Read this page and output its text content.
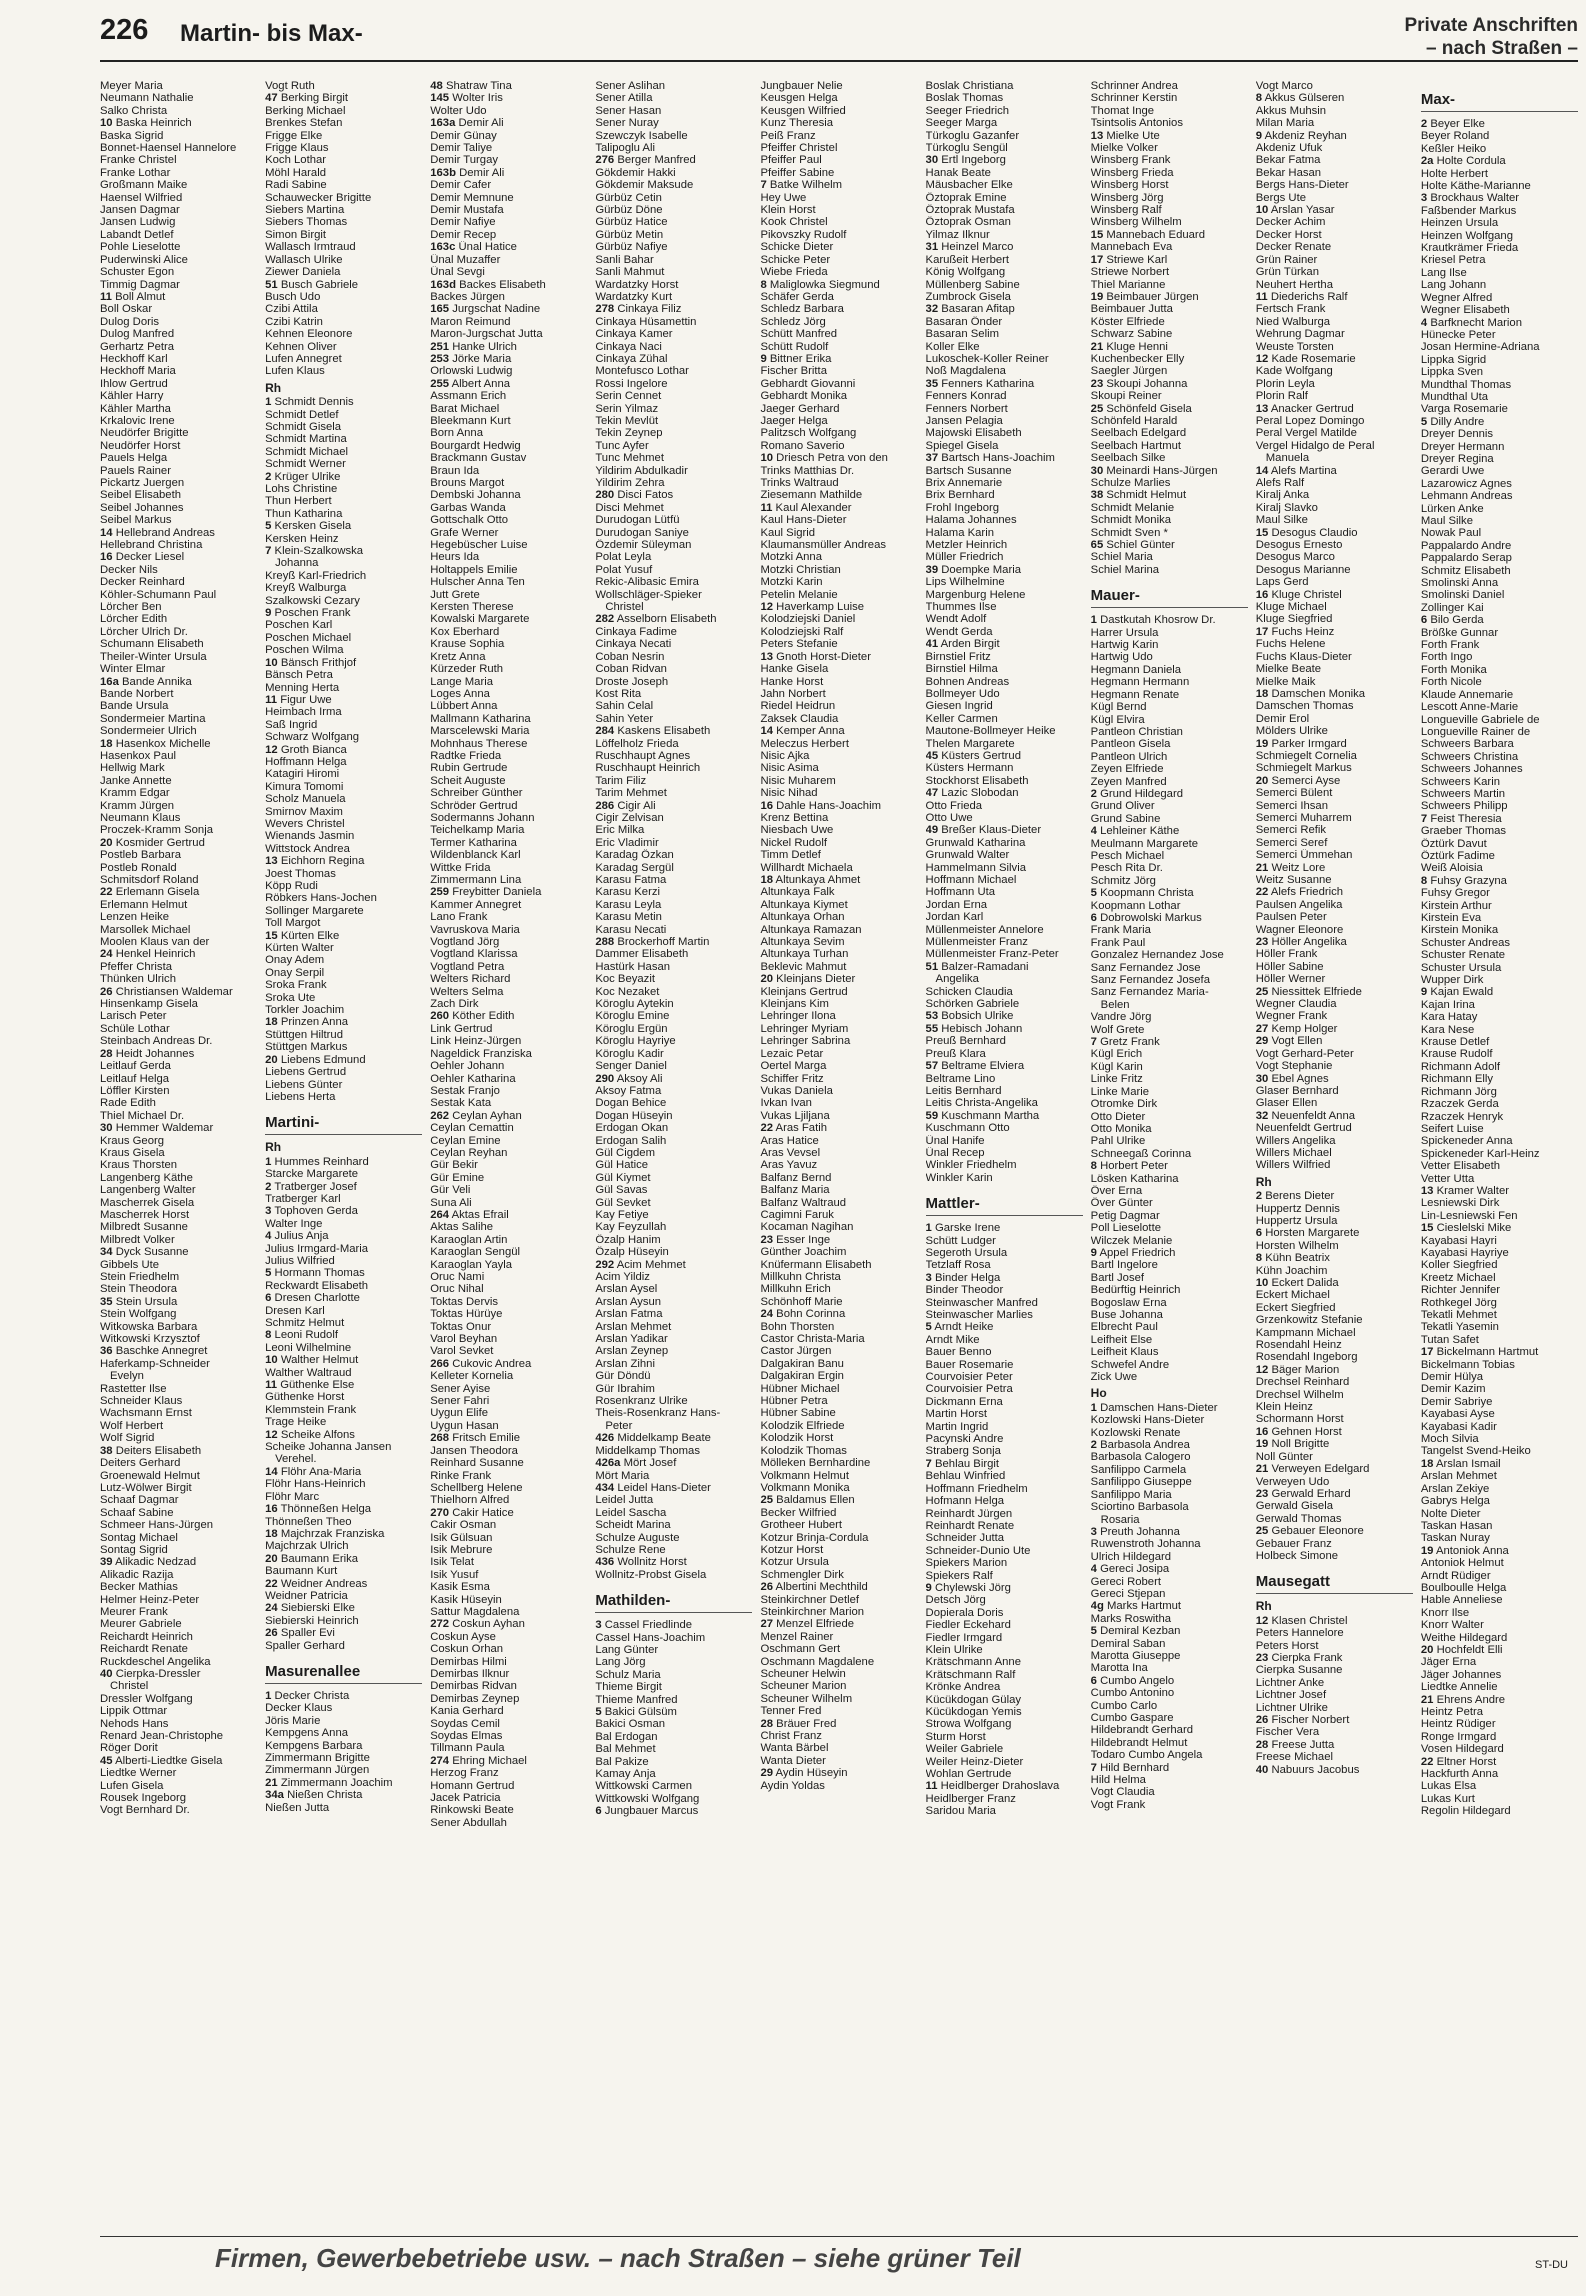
226 Martin- bis Max-	Private Anschriften
– nach Straßen –
Meyer Maria
Neumann Nathalie
Salko Christa
10 Baska Heinrich
Baska Sigrid
Bonnet-Haensel Hannelore
Franke Christel
Franke Lothar
Großmann Maike
Haensel Wilfried
Jansen Dagmar
Jansen Ludwig
Labandt Detlef
Pohle Lieselotte
Puderwinski Alice
Schuster Egon
Timmig Dagmar
11 Boll Almut
Boll Oskar
Dulog Doris
Dulog Manfred
Gerhartz Petra
Heckhoff Karl
Heckhoff Maria
Ihlow Gertrud
Kähler Harry
Kähler Martha
Krkalovic Irene
Neudörfer Brigitte
Neudörfer Horst
Pauels Helga
Pauels Rainer
Pickartz Juergen
Seibel Elisabeth
Seibel Johannes
Seibel Markus
14 Hellebrand Andreas
Hellebrand Christina
16 Decker Liesel
Decker Nils
Decker Reinhard
Köhler-Schumann Paul
Lörcher Ben
Lörcher Edith
Lörcher Ulrich Dr.
Schumann Elisabeth
Theiler-Winter Ursula
Winter Elmar
16a Bande Annika
Bande Norbert
Bande Ursula
Sondermeier Martina
Sondermeier Ulrich
18 Hasenkox Michelle
Hasenkox Paul
Hellwig Mark
Janke Annette
Kramm Edgar
Kramm Jürgen
Neumann Klaus
Proczek-Kramm Sonja
20 Kosmider Gertrud
Postleb Barbara
Postleb Ronald
Schmitsdorf Roland
22 Erlemann Gisela
Erlemann Helmut
Lenzen Heike
Marsollek Michael
Moolen Klaus van der
24 Henkel Heinrich
Pfeffer Christa
Thünken Ulrich
26 Christiansen Waldemar
Hinsenkamp Gisela
Larisch Peter
Schüle Lothar
Steinbach Andreas Dr.
28 Heidt Johannes
Leitlauf Gerda
Leitlauf Helga
Löffler Kirsten
Rade Edith
Thiel Michael Dr.
30 Hemmer Waldemar
Kraus Georg
Kraus Gisela
Kraus Thorsten
Langenberg Käthe
Langenberg Walter
Mascherrek Gisela
Mascherrek Horst
Milbredt Susanne
Milbredt Volker
34 Dyck Susanne
Gibbels Ute
Stein Friedhelm
Stein Theodora
35 Stein Ursula
Stein Wolfgang
Witkowska Barbara
Witkowski Krzysztof
36 Baschke Annegret
Haferkamp-Schneider
Evelyn
Rastetter Ilse
Schneider Klaus
Wachsmann Ernst
Wolf Herbert
Wolf Sigrid
38 Deiters Elisabeth
Deiters Gerhard
Groenewald Helmut
Lutz-Wölwer Birgit
Schaaf Dagmar
Schaaf Sabine
Schmeer Hans-Jürgen
Sontag Michael
Sontag Sigrid
39 Alikadic Nedzad
Alikadic Razija
Becker Mathias
Helmer Heinz-Peter
Meurer Frank
Meurer Gabriele
Reichardt Heinrich
Reichardt Renate
Ruckdeschel Angelika
40 Cierpka-Dressler
Christel
Dressler Wolfgang
Lippik Ottmar
Nehods Hans
Renard Jean-Christophe
Röger Dorit
45 Alberti-Liedtke Gisela
Liedtke Werner
Lufen Gisela
Rousek Ingeborg
Vogt Bernhard Dr.
Vogt Ruth
47 Berking Birgit
Berking Michael
Brenkes Stefan
Frigge Elke
Frigge Klaus
Koch Lothar
Möhl Harald
Radi Sabine
Schauwecker Brigitte
Siebers Martina
Siebers Thomas
Simon Birgit
Wallasch Irmtraud
Wallasch Ulrike
Ziewer Daniela
51 Busch Gabriele
Busch Udo
Czibi Attila
Czibi Katrin
Kehnen Eleonore
Kehnen Oliver
Lufen Annegret
Lufen Klaus
Rh
1 Schmidt Dennis
Schmidt Detlef
Schmidt Gisela
Schmidt Martina
Schmidt Michael
Schmidt Werner
2 Krüger Ulrike
Lohs Christine
Thun Herbert
Thun Katharina
5 Kersken Gisela
Kersken Heinz
7 Klein-Szalkowska
Johanna
Kreyß Karl-Friedrich
Kreyß Walburga
Szalkowski Cezary
9 Poschen Frank
Poschen Karl
Poschen Michael
Poschen Wilma
10 Bänsch Frithjof
Bänsch Petra
Menning Herta
11 Figur Uwe
Heimbach Irma
Saß Ingrid
Schwarz Wolfgang
12 Groth Bianca
Hoffmann Helga
Katagiri Hiromi
Kimura Tomomi
Scholz Manuela
Smirnov Maxim
Wevers Christel
Wienands Jasmin
Wittstock Andrea
13 Eichhorn Regina
Joest Thomas
Köpp Rudi
Röbkers Hans-Jochen
Sollinger Margarete
Toll Margot
15 Kürten Elke
Kürten Walter
Onay Adem
Onay Serpil
Sroka Frank
Sroka Ute
Torkler Joachim
18 Prinzen Anna
Stüttgen Hiltrud
Stüttgen Markus
20 Liebens Edmund
Liebens Gertrud
Liebens Günter
Liebens Herta
Martini-
Rh
1 Hummes Reinhard
Starcke Margarete
2 Tratberger Josef
Tratberger Karl
3 Tophoven Gerda
Walter Inge
4 Julius Anja
Julius Irmgard-Maria
Julius Wilfried
5 Hormann Thomas
Reckwardt Elisabeth
6 Dresen Charlotte
Dresen Karl
Schmitz Helmut
8 Leoni Rudolf
Leoni Wilhelmine
10 Walther Helmut
Walther Waltraud
11 Güthenke Else
Güthenke Horst
Klemmstein Frank
Trage Heike
12 Scheike Alfons
Scheike Johanna Jansen
Verehel.
14 Flöhr Ana-Maria
Flöhr Hans-Heinrich
Flöhr Marc
16 Thönneßen Helga
Thönneßen Theo
18 Majchrzak Franziska
Majchrzak Ulrich
20 Baumann Erika
Baumann Kurt
22 Weidner Andreas
Weidner Patricia
24 Siebierski Elke
Siebierski Heinrich
26 Spaller Evi
Spaller Gerhard
Masurenallee
1 Decker Christa
Decker Klaus
Jöris Marie
Kempgens Anna
Kempgens Barbara
Zimmermann Brigitte
Zimmermann Jürgen
21 Zimmermann Joachim
34a Nießen Christa
Nießen Jutta
48 Shatraw Tina
145 Wolter Iris
Wolter Udo
163a Demir Ali
Demir Günay
Demir Taliye
Demir Turgay
163b Demir Ali
Demir Cafer
Demir Memnune
Demir Mustafa
Demir Nafiye
Demir Recep
163c Ünal Hatice
Ünal Muzaffer
Ünal Sevgi
163d Backes Elisabeth
Backes Jürgen
165 Jurgschat Nadine
Maron Reimund
Maron-Jurgschat Jutta
251 Hanke Ulrich
253 Jörke Maria
Orlowski Ludwig
255 Albert Anna
Assmann Erich
Barat Michael
Bleekmann Kurt
Born Anna
Bourgardt Hedwig
Brackmann Gustav
Braun Ida
Brouns Margot
Dembski Johanna
Garbas Wanda
Gottschalk Otto
Grafe Werner
Hegebüscher Luise
Heurs Ida
Holtappels Emilie
Hulscher Anna Ten
Jutt Grete
Kersten Therese
Kowalski Margarete
Kox Eberhard
Krause Sophia
Kretz Anna
Kürzeder Ruth
Lange Maria
Loges Anna
Lübbert Anna
Mallmann Katharina
Marscelewski Maria
Mohnhaus Therese
Radtke Frieda
Rubin Gertrude
Scheit Auguste
Schreiber Günther
Schröder Gertrud
Sodermanns Johann
Teichelkamp Maria
Termer Katharina
Wildenblanck Karl
Wittke Frida
Zimmermann Lina
259 Freybitter Daniela
Kammer Annegret
Lano Frank
Vavruskova Maria
Vogtland Jörg
Vogtland Klarissa
Vogtland Petra
Welters Richard
Welters Selma
Zach Dirk
260 Köther Edith
Link Gertrud
Link Heinz-Jürgen
Nageldick Franziska
Oehler Johann
Oehler Katharina
Sestak Franjo
Sestak Kata
262 Ceylan Ayhan
Ceylan Cemattin
Ceylan Emine
Ceylan Reyhan
Gür Bekir
Gür Emine
Gür Veli
Suna Ali
264 Aktas Efrail
Aktas Salihe
Karaoglan Artin
Karaoglan Sengül
Karaoglan Yayla
Oruc Nami
Oruc Nihal
Toktas Dervis
Toktas Hürüye
Toktas Onur
Varol Beyhan
Varol Sevket
266 Cukovic Andrea
Kelleter Kornelia
Sener Ayise
Sener Fahri
Uygun Elife
Uygun Hasan
268 Fritsch Emilie
Jansen Theodora
Reinhard Susanne
Rinke Frank
Schellberg Helene
Thielhorn Alfred
270 Cakir Hatice
Cakir Osman
Isik Gülsuan
Isik Mebrure
Isik Telat
Isik Yusuf
Kasik Esma
Kasik Hüseyin
Sattur Magdalena
272 Coskun Ayhan
Coskun Ayse
Coskun Orhan
Demirbas Hilmi
Demirbas Ilknur
Demirbas Ridvan
Demirbas Zeynep
Kania Gerhard
Soydas Cemil
Soydas Elmas
Tillmann Paula
274 Ehring Michael
Herzog Franz
Homann Gertrud
Jacek Patricia
Rinkowski Beate
Sener Abdullah
Sener Aslihan
Sener Atilla
Sener Hasan
Sener Nuray
Szewczyk Isabelle
Talipoglu Ali
276 Berger Manfred
Gökdemir Hakki
Gökdemir Maksude
Gürbüz Cetin
Gürbüz Döne
Gürbüz Hatice
Gürbüz Metin
Gürbüz Nafiye
Sanli Bahar
Sanli Mahmut
Wardatzky Horst
Wardatzky Kurt
278 Cinkaya Filiz
Cinkaya Hüsamettin
Cinkaya Kamer
Cinkaya Naci
Cinkaya Zühal
Montefusco Lothar
Rossi Ingelore
Serin Cennet
Serin Yilmaz
Tekin Mevlüt
Tekin Zeynep
Tunc Ayfer
Tunc Mehmet
Yildirim Abdulkadir
Yildirim Zehra
280 Disci Fatos
Disci Mehmet
Durudogan Lütfü
Durudogan Saniye
Özdemir Süleyman
Polat Leyla
Polat Yusuf
Rekic-Alibasic Emira
Wollschläger-Spieker
Christel
282 Asselborn Elisabeth
Cinkaya Fadime
Cinkaya Necati
Coban Nesrin
Coban Ridvan
Droste Joseph
Kost Rita
Sahin Celal
Sahin Yeter
284 Kaskens Elisabeth
Löffelholz Frieda
Ruschhaupt Agnes
Ruschhaupt Heinrich
Tarim Filiz
Tarim Mehmet
286 Cigir Ali
Cigir Zelvisan
Eric Milka
Eric Vladimir
Karadag Özkan
Karadag Sergül
Karasu Fatma
Karasu Kerzi
Karasu Leyla
Karasu Metin
Karasu Necati
288 Brockerhoff Martin
Dammer Elisabeth
Hastürk Hasan
Koc Beyazit
Koc Nezaket
Köroglu Aytekin
Köroglu Emine
Köroglu Ergün
Köroglu Hayriye
Köroglu Kadir
Senger Daniel
290 Aksoy Ali
Aksoy Fatma
Dogan Behice
Dogan Hüseyin
Erdogan Okan
Erdogan Salih
Gül Cigdem
Gül Hatice
Gül Kiymet
Gül Savas
Gül Sevket
Kay Fetiye
Kay Feyzullah
Özalp Hanim
Özalp Hüseyin
292 Acim Mehmet
Acim Yildiz
Arslan Aysel
Arslan Aysun
Arslan Fatma
Arslan Mehmet
Arslan Yadikar
Arslan Zeynep
Arslan Zihni
Gür Döndü
Gür Ibrahim
Rosenkranz Ulrike
Theis-Rosenkranz Hans-
Peter
426 Middelkamp Beate
Middelkamp Thomas
426a Mört Josef
Mört Maria
434 Leidel Hans-Dieter
Leidel Jutta
Leidel Sascha
Scheidt Marina
Schulze Auguste
Schulze Rene
436 Wollnitz Horst
Wollnitz-Probst Gisela
Mathilden-
3 Cassel Friedlinde
Cassel Hans-Joachim
Lang Günter
Lang Jörg
Schulz Maria
Thieme Birgit
Thieme Manfred
5 Bakici Gülsüm
Bakici Osman
Bal Erdogan
Bal Mehmet
Bal Pakize
Kamay Anja
Wittkowski Carmen
Wittkowski Wolfgang
6 Jungbauer Marcus
Jungbauer Nelie
Keusgen Helga
Keusgen Wilfried
Kunz Theresia
Peiß Franz
Pfeiffer Christel
Pfeiffer Paul
Pfeiffer Sabine
7 Batke Wilhelm
Hey Uwe
Klein Horst
Kook Christel
Pikovszky Rudolf
Schicke Dieter
Schicke Peter
Wiebe Frieda
8 Maliglowka Siegmund
Schäfer Gerda
Schledz Barbara
Schledz Jörg
Schütt Manfred
Schütt Rudolf
9 Bittner Erika
Fischer Britta
Gebhardt Giovanni
Gebhardt Monika
Jaeger Gerhard
Jaeger Helga
Palitzsch Wolfgang
Romano Saverio
10 Driesch Petra von den
Trinks Matthias Dr.
Trinks Waltraud
Ziesemann Mathilde
11 Kaul Alexander
Kaul Hans-Dieter
Kaul Sigrid
Klaumansmüller Andreas
Motzki Anna
Motzki Christian
Motzki Karin
Petelin Melanie
12 Haverkamp Luise
Kolodziejski Daniel
Kolodziejski Ralf
Peters Stefanie
13 Gnoth Horst-Dieter
Hanke Gisela
Hanke Horst
Jahn Norbert
Riedel Heidrun
Zaksek Claudia
14 Kemper Anna
Meleczus Herbert
Nisic Ajka
Nisic Asima
Nisic Muharem
Nisic Nihad
16 Dahle Hans-Joachim
Krenz Bettina
Niesbach Uwe
Nickel Rudolf
Timm Detlef
Willhardt Michaela
18 Altunkaya Ahmet
Altunkaya Falk
Altunkaya Kiymet
Altunkaya Orhan
Altunkaya Ramazan
Altunkaya Sevim
Altunkaya Turhan
Beklevic Mahmut
20 Kleinjans Dieter
Kleinjans Gertrud
Kleinjans Kim
Lehringer Ilona
Lehringer Myriam
Lehringer Sabrina
Lezaic Petar
Oertel Marga
Schiffer Fritz
Vukas Daniela
Ivkan Ivan
Vukas Ljiljana
22 Aras Fatih
Aras Hatice
Aras Vevsel
Aras Yavuz
Balfanz Bernd
Balfanz Maria
Balfanz Waltraud
Cagimni Faruk
Kocaman Nagihan
23 Esser Inge
Günther Joachim
Knüfermann Elisabeth
Millkuhn Christa
Millkuhn Erich
Schönhoff Marie
24 Bohn Corinna
Bohn Thorsten
Castor Christa-Maria
Castor Jürgen
Dalgakiran Banu
Dalgakiran Ergin
Hübner Michael
Hübner Petra
Hübner Sabine
Kolodzik Elfriede
Kolodzik Horst
Kolodzik Thomas
Mölleken Bernhardine
Volkmann Helmut
Volkmann Monika
25 Baldamus Ellen
Becker Wilfried
Grotheer Hubert
Kotzur Brinja-Cordula
Kotzur Horst
Kotzur Ursula
Schmengler Dirk
26 Albertini Mechthild
Steinkirchner Detlef
Steinkirchner Marion
27 Menzel Elfriede
Menzel Rainer
Oschmann Gert
Oschmann Magdalene
Scheuner Helwin
Scheuner Marion
Scheuner Wilhelm
Tenner Fred
28 Bräuer Fred
Christ Franz
Wanta Bärbel
Wanta Dieter
29 Aydin Hüseyin
Aydin Yoldas
Boslak Christiana
Boslak Thomas
Seeger Friedrich
Seeger Marga
Türkoglu Gazanfer
Türkoglu Sengül
30 Ertl Ingeborg
Hanak Beate
Mäusbacher Elke
Öztoprak Emine
Öztoprak Mustafa
Öztoprak Osman
Yilmaz Ilknur
31 Heinzel Marco
Karußeit Herbert
König Wolfgang
Müllenberg Sabine
Zumbrock Gisela
32 Basaran Afitap
Basaran Önder
Basaran Selim
Koller Elke
Lukoschek-Koller Reiner
Noß Magdalena
35 Fenners Katharina
Fenners Konrad
Fenners Norbert
Jansen Pelagia
Majowski Elisabeth
Spiegel Gisela
37 Bartsch Hans-Joachim
Bartsch Susanne
Brix Annemarie
Brix Bernhard
Frohl Ingeborg
Halama Johannes
Halama Karin
Metzler Heinrich
Müller Friedrich
39 Doempke Maria
Lips Wilhelmine
Margenburg Helene
Thummes Ilse
Wendt Adolf
Wendt Gerda
41 Arden Birgit
Birnstiel Fritz
Birnstiel Hilma
Bohnen Andreas
Bollmeyer Udo
Giesen Ingrid
Keller Carmen
Mautone-Bollmeyer Heike
Thelen Margarete
45 Küsters Gertrud
Küsters Hermann
Stockhorst Elisabeth
47 Lazic Slobodan
Otto Frieda
Otto Uwe
49 Breßer Klaus-Dieter
Grunwald Katharina
Grunwald Walter
Hammelmann Silvia
Hoffmann Michael
Hoffmann Uta
Jordan Erna
Jordan Karl
Müllenmeister Annelore
Müllenmeister Franz
Müllenmeister Franz-Peter
51 Balzer-Ramadani
Angelika
Schicken Claudia
Schörken Gabriele
53 Bobsich Ulrike
55 Hebisch Johann
Preuß Bernhard
Preuß Klara
57 Beltrame Elviera
Beltrame Lino
Leitis Bernhard
Leitis Christa-Angelika
59 Kuschmann Martha
Kuschmann Otto
Ünal Hanife
Ünal Recep
Winkler Friedhelm
Winkler Karin
Mattler-
1 Garske Irene
Schütt Ludger
Segeroth Ursula
Tetzlaff Rosa
3 Binder Helga
Binder Theodor
Steinwascher Manfred
Steinwascher Marlies
5 Arndt Heike
Arndt Mike
Bauer Benno
Bauer Rosemarie
Courvoisier Peter
Courvoisier Petra
Dickmann Erna
Martin Horst
Martin Ingrid
Pacynski Andre
Straberg Sonja
7 Behlau Birgit
Behlau Winfried
Hoffmann Friedhelm
Hofmann Helga
Reinhardt Jürgen
Reinhardt Renate
Schneider Jutta
Schneider-Dunio Ute
Spiekers Marion
Spiekers Ralf
9 Chylewski Jörg
Detsch Jörg
Dopierala Doris
Fiedler Eckehard
Fiedler Irmgard
Klein Ulrike
Krätschmann Anne
Krätschmann Ralf
Krönke Andrea
Kücükdogan Gülay
Kücükdogan Yemis
Strowa Wolfgang
Sturm Horst
Weiler Gabriele
Weiler Heinz-Dieter
Wohlan Gertrude
11 Heidlberger Drahoslava
Heidlberger Franz
Saridou Maria
Schrinner Andrea
Schrinner Kerstin
Thomat Inge
Tsintsolis Antonios
13 Mielke Ute
Mielke Volker
Winsberg Frank
Winsberg Frieda
Winsberg Horst
Winsberg Jörg
Winsberg Ralf
Winsberg Wilhelm
15 Mannebach Eduard
Mannebach Eva
17 Striewe Karl
Striewe Norbert
Thiel Marianne
19 Beimbauer Jürgen
Beimbauer Jutta
Köster Elfriede
Schwarz Sabine
21 Kluge Henni
Kuchenbecker Elly
Saegler Jürgen
23 Skoupi Johanna
Skoupi Reiner
25 Schönfeld Gisela
Schönfeld Harald
Seelbach Edelgard
Seelbach Hartmut
Seelbach Silke
30 Meinardi Hans-Jürgen
Schulze Marlies
38 Schmidt Helmut
Schmidt Melanie
Schmidt Monika
Schmidt Sven *
65 Schiel Günter
Schiel Maria
Schiel Marina
Mauer-
1 Dastkutah Khosrow Dr.
Harrer Ursula
Hartwig Karin
Hartwig Udo
Hegmann Daniela
Hegmann Hermann
Hegmann Renate
Kügl Bernd
Kügl Elvira
Pantleon Christian
Pantleon Gisela
Pantleon Ulrich
Zeyen Elfriede
Zeyen Manfred
2 Grund Hildegard
Grund Oliver
Grund Sabine
4 Lehleiner Käthe
Meulmann Margarete
Pesch Michael
Pesch Rita Dr.
Schmitz Jörg
5 Koopmann Christa
Koopmann Lothar
6 Dobrowolski Markus
Frank Maria
Frank Paul
Gonzalez Hernandez Jose
Sanz Fernandez Jose
Sanz Fernandez Josefa
Sanz Fernandez Maria-
Belen
Vandre Jörg
Wolf Grete
7 Gretz Frank
Kügl Erich
Kügl Karin
Linke Fritz
Linke Marie
Otromke Dirk
Otto Dieter
Otto Monika
Pahl Ulrike
Schneegaß Corinna
8 Horbert Peter
Lösken Katharina
Över Erna
Över Günter
Petig Dagmar
Poll Lieselotte
Wilczek Melanie
9 Appel Friedrich
Bartl Ingelore
Bartl Josef
Bedürftig Heinrich
Bogoslaw Erna
Buse Johanna
Elbrecht Paul
Leifheit Else
Leifheit Klaus
Schwefel Andre
Zick Uwe
Ho
1 Damschen Hans-Dieter
Kozlowski Hans-Dieter
Kozlowski Renate
2 Barbasola Andrea
Barbasola Calogero
Sanfilippo Carmela
Sanfilippo Giuseppe
Sanfilippo Maria
Sciortino Barbasola
Rosaria
3 Preuth Johanna
Ruwenstroth Johanna
Ulrich Hildegard
4 Gereci Josipa
Gereci Robert
Gereci Stjepan
4g Marks Hartmut
Marks Roswitha
5 Demiral Kezban
Demiral Saban
Marotta Giuseppe
Marotta Ina
6 Cumbo Angelo
Cumbo Antonino
Cumbo Carlo
Cumbo Gaspare
Hildebrandt Gerhard
Hildebrandt Helmut
Todaro Cumbo Angela
7 Hild Bernhard
Hild Helma
Vogt Claudia
Vogt Frank
Vogt Marco
8 Akkus Gülseren
Akkus Muhsin
Milan Maria
9 Akdeniz Reyhan
Akdeniz Ufuk
Bekar Fatma
Bekar Hasan
Bergs Hans-Dieter
Bergs Ute
10 Arslan Yasar
Decker Achim
Decker Horst
Decker Renate
Grün Rainer
Grün Türkan
Neuhert Hertha
11 Diederichs Ralf
Fertsch Frank
Nied Walburga
Wehrung Dagmar
Weuste Torsten
12 Kade Rosemarie
Kade Wolfgang
Plorin Leyla
Plorin Ralf
13 Anacker Gertrud
Peral Lopez Domingo
Peral Vergel Matilde
Vergel Hidalgo de Peral
Manuela
14 Alefs Martina
Alefs Ralf
Kiralj Anka
Kiralj Slavko
Maul Silke
15 Desogus Claudio
Desogus Ernesto
Desogus Marco
Desogus Marianne
Laps Gerd
16 Kluge Christel
Kluge Michael
Kluge Siegfried
17 Fuchs Heinz
Fuchs Helene
Fuchs Klaus-Dieter
Mielke Beate
Mielke Maik
18 Damschen Monika
Damschen Thomas
Demir Erol
Mölders Ulrike
19 Parker Irmgard
Schmiegelt Cornelia
Schmiegelt Markus
20 Semerci Ayse
Semerci Bülent
Semerci Ihsan
Semerci Muharrem
Semerci Refik
Semerci Seref
Semerci Ümmehan
21 Weitz Lore
Weitz Susanne
22 Alefs Friedrich
Paulsen Angelika
Paulsen Peter
Wagner Eleonore
23 Höller Angelika
Höller Frank
Höller Sabine
Höller Werner
25 Niessittek Elfriede
Wegner Claudia
Wegner Frank
27 Kemp Holger
29 Vogt Ellen
Vogt Gerhard-Peter
Vogt Stephanie
30 Ebel Agnes
Glaser Bernhard
Glaser Ellen
32 Neuenfeldt Anna
Neuenfeldt Gertrud
Willers Angelika
Willers Michael
Willers Wilfried
Rh
2 Berens Dieter
Huppertz Dennis
Huppertz Ursula
6 Horsten Margarete
Horsten Wilhelm
8 Kühn Beatrix
Kühn Joachim
10 Eckert Dalida
Eckert Michael
Eckert Siegfried
Grzenkowitz Stefanie
Kampmann Michael
Rosendahl Heinz
Rosendahl Ingeborg
12 Bäger Marion
Drechsel Reinhard
Drechsel Wilhelm
Klein Heinz
Schormann Horst
16 Gehnen Horst
19 Noll Brigitte
Noll Günter
21 Verweyen Edelgard
Verweyen Udo
23 Gerwald Erhard
Gerwald Gisela
Gerwald Thomas
25 Gebauer Eleonore
Gebauer Franz
Holbeck Simone
Mausegatt
Rh
12 Klasen Christel
Peters Hannelore
Peters Horst
23 Cierpka Frank
Cierpka Susanne
Lichtner Anke
Lichtner Josef
Lichtner Ulrike
26 Fischer Norbert
Fischer Vera
28 Freese Jutta
Freese Michael
40 Nabuurs Jacobus
Max-
2 Beyer Elke
Beyer Roland
Keßler Heiko
2a Holte Cordula
Holte Herbert
Holte Käthe-Marianne
3 Brockhaus Walter
Faßbender Markus
Heinzen Ursula
Heinzen Wolfgang
Krautkrämer Frieda
Kriesel Petra
Lang Ilse
Lang Johann
Wegner Alfred
Wegner Elisabeth
4 Barfknecht Marion
Hünecke Peter
Josan Hermine-Adriana
Lippka Sigrid
Lippka Sven
Mundthal Thomas
Mundthal Uta
Varga Rosemarie
5 Dilly Andre
Dreyer Dennis
Dreyer Hermann
Dreyer Regina
Gerardi Uwe
Lazarowicz Agnes
Lehmann Andreas
Lürken Anke
Maul Silke
Nowak Paul
Pappalardo Andre
Pappalardo Serap
Schmitz Elisabeth
Smolinski Anna
Smolinski Daniel
Zollinger Kai
6 Bilo Gerda
Brößke Gunnar
Forth Frank
Forth Ingo
Forth Monika
Forth Nicole
Klaude Annemarie
Lescott Anne-Marie
Longueville Gabriele de
Longueville Rainer de
Schweers Barbara
Schweers Christina
Schweers Johannes
Schweers Karin
Schweers Martin
Schweers Philipp
7 Feist Theresia
Graeber Thomas
Öztürk Davut
Öztürk Fadime
Weiß Aloisia
8 Fuhsy Grazyna
Fuhsy Gregor
Kirstein Arthur
Kirstein Eva
Kirstein Monika
Schuster Andreas
Schuster Renate
Schuster Ursula
Wupper Dirk
9 Kajan Ewald
Kajan Irina
Kara Hatay
Kara Nese
Krause Detlef
Krause Rudolf
Richmann Adolf
Richmann Elly
Richmann Jörg
Rzaczek Gerda
Rzaczek Henryk
Seifert Luise
Spickeneder Anna
Spickeneder Karl-Heinz
Vetter Elisabeth
Vetter Utta
13 Kramer Walter
Lesniewski Dirk
Lin-Lesniewski Fen
15 Cieslelski Mike
Kayabasi Hayri
Kayabasi Hayriye
Koller Siegfried
Kreetz Michael
Richter Jennifer
Rothkegel Jörg
Tekatli Mehmet
Tekatli Yasemin
Tutan Safet
17 Bickelmann Hartmut
Bickelmann Tobias
Demir Hülya
Demir Kazim
Demir Sabriye
Kayabasi Ayse
Kayabasi Kadir
Moch Silvia
Tangelst Svend-Heiko
18 Arslan Ismail
Arslan Mehmet
Arslan Zekiye
Gabrys Helga
Nolte Dieter
Taskan Hasan
Taskan Nuray
19 Antoniok Anna
Antoniok Helmut
Arndt Rüdiger
Boulboulle Helga
Hable Anneliese
Knorr Ilse
Knorr Walter
Weithe Hildegard
20 Hochfeldt Elli
Jäger Erna
Jäger Johannes
Liedtke Annelie
21 Ehrens Andre
Heintz Petra
Heintz Rüdiger
Ronge Irmgard
Vosen Hildegard
22 Eltner Horst
Hackfurth Anna
Lukas Elsa
Lukas Kurt
Regolin Hildegard
Firmen, Gewerbebetriebe usw. – nach Straßen – siehe grüner Teil	ST-DU
